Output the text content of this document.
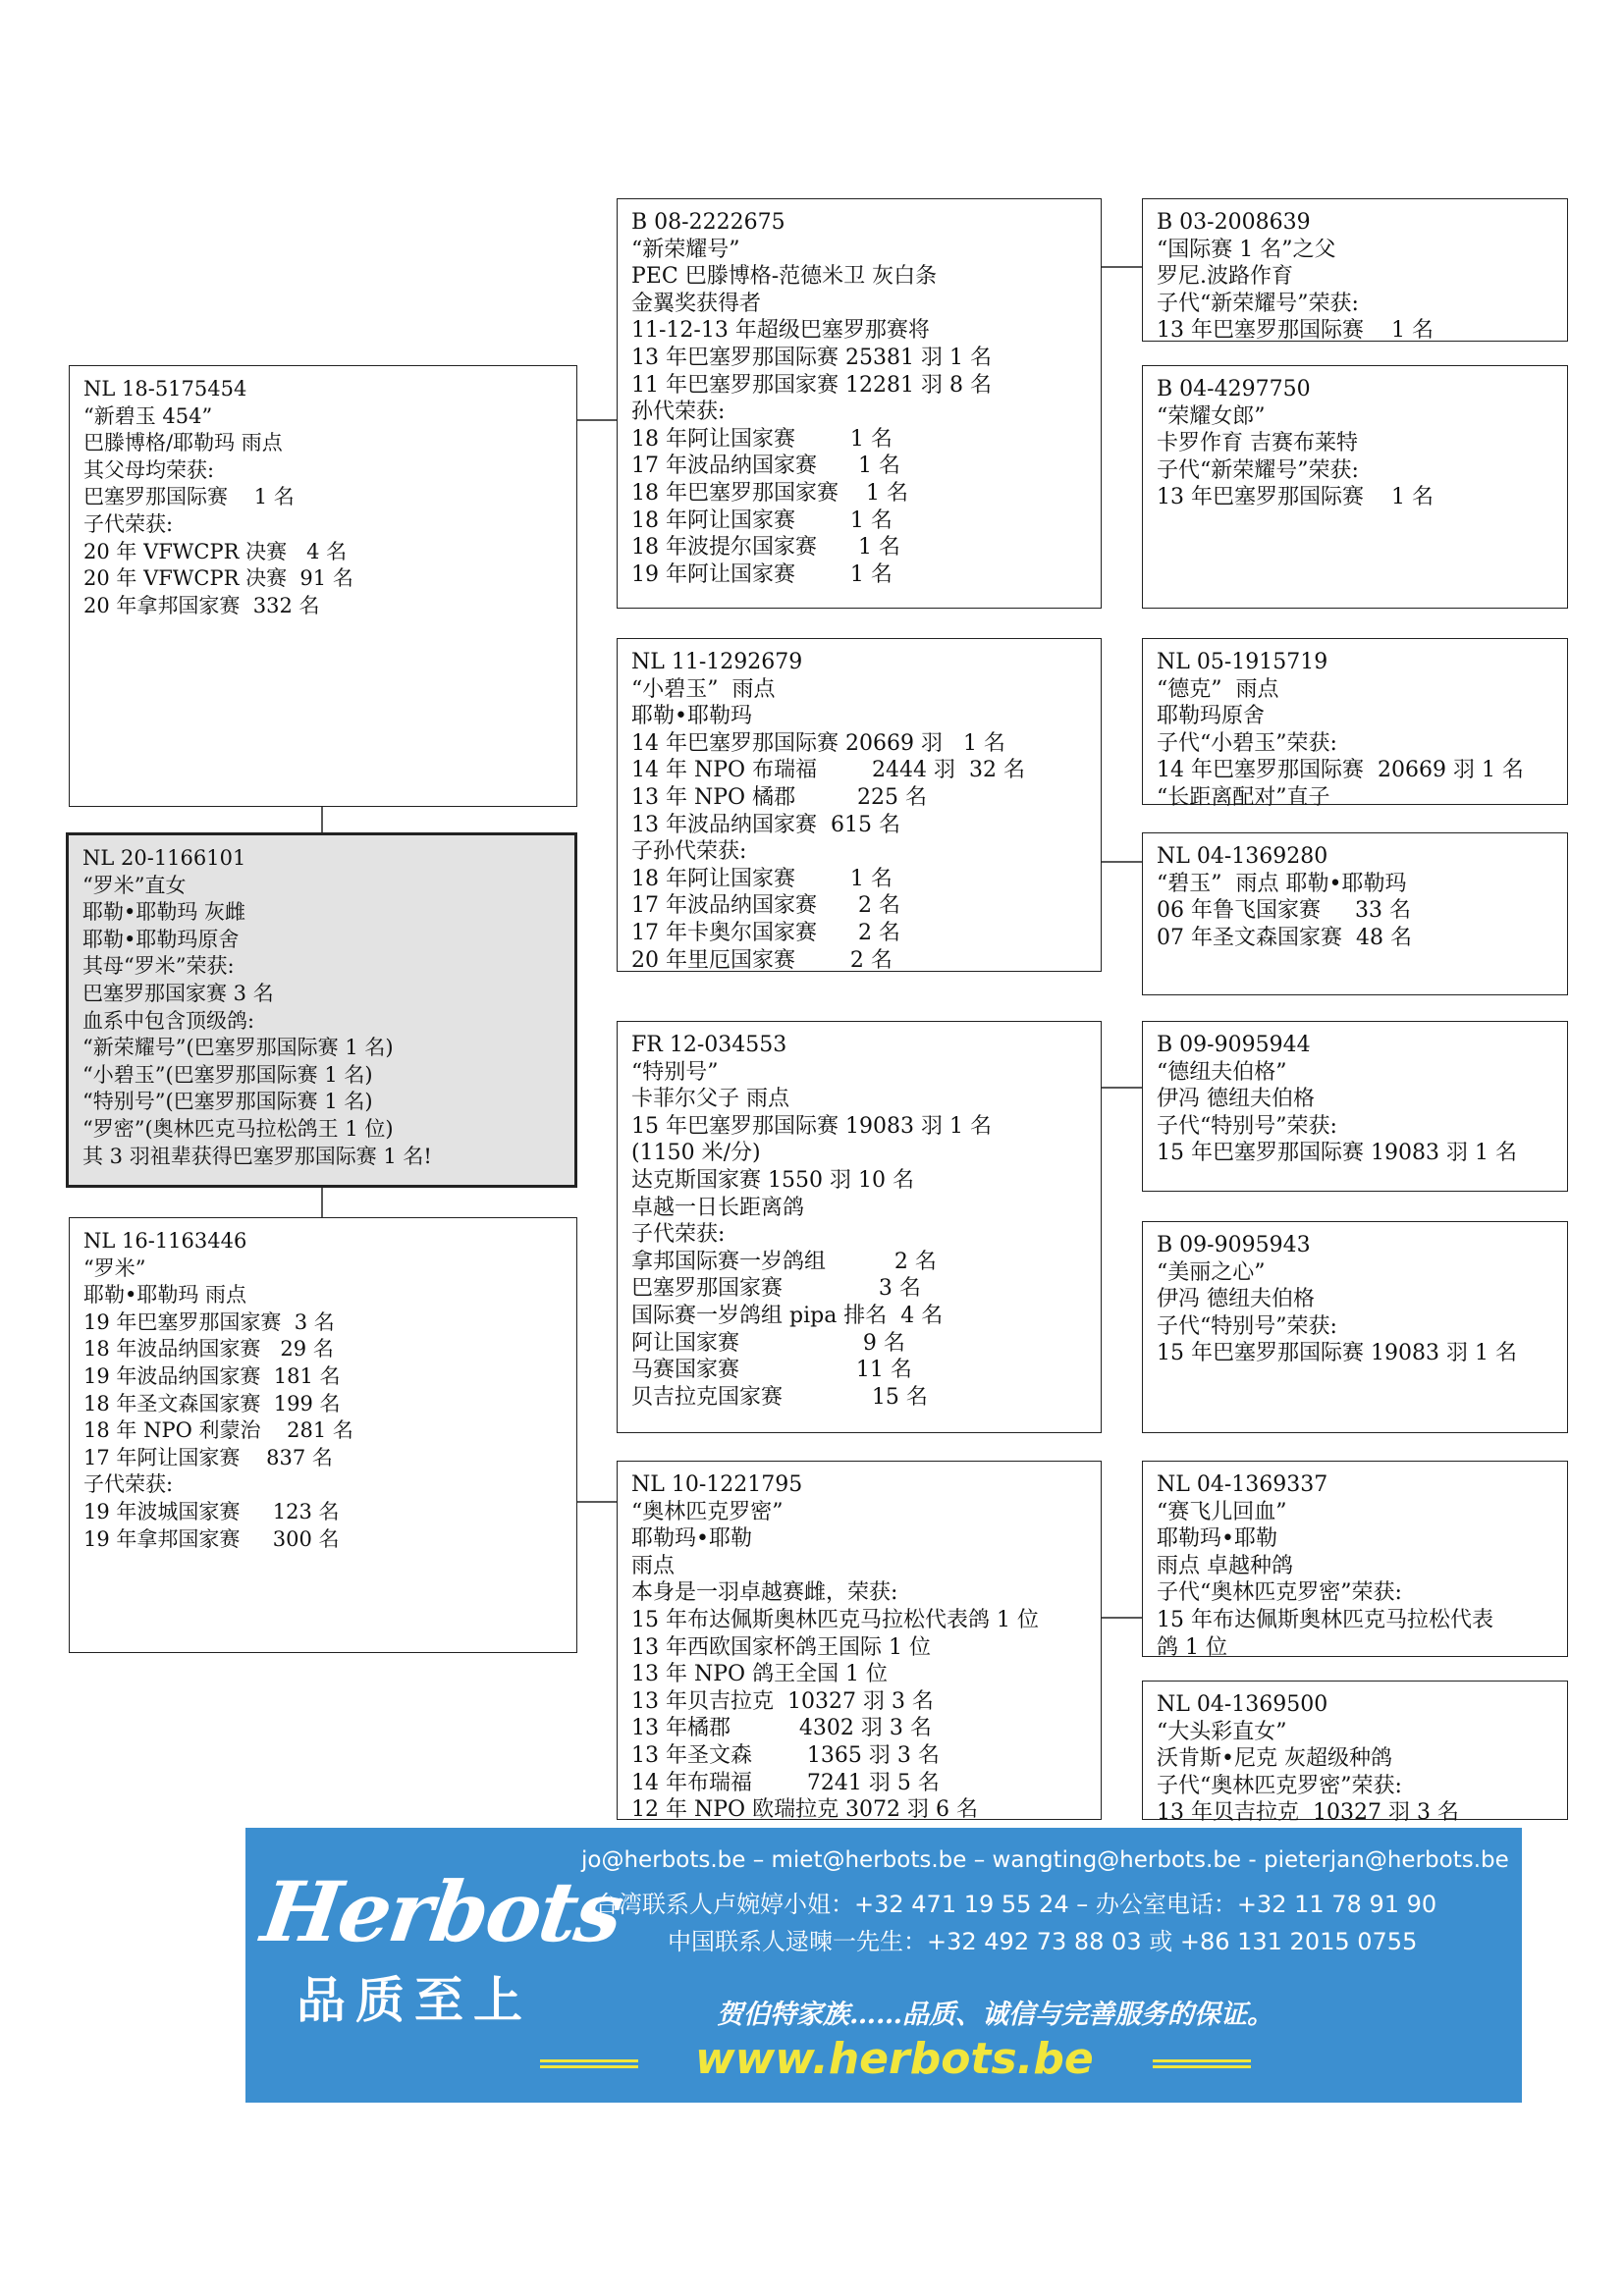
NL 18-5175454
“新碧玉 454”
巴滕博格/耶勒玛 雨点
其父母均荣获:
巴塞罗那国际赛    1 名
子代荣获:
20 年 VFWCPR 决赛   4 名
20 年 VFWCPR 决赛  91 名
20 年拿邦国家赛  332 名
NL 20-1166101
“罗米”直女
耶勒•耶勒玛 灰雌
耶勒•耶勒玛原舍
其母“罗米”荣获:
巴塞罗那国家赛 3 名
血系中包含顶级鸽:
“新荣耀号”(巴塞罗那国际赛 1 名)
“小碧玉”(巴塞罗那国际赛 1 名)
“特别号”(巴塞罗那国际赛 1 名)
“罗密”(奥林匹克马拉松鸽王 1 位)
其 3 羽祖辈获得巴塞罗那国际赛 1 名!
NL 16-1163446
“罗米”
耶勒•耶勒玛 雨点
19 年巴塞罗那国家赛  3 名
18 年波品纳国家赛   29 名
19 年波品纳国家赛  181 名
18 年圣文森国家赛  199 名
18 年 NPO 利蒙治    281 名
17 年阿让国家赛    837 名
子代荣获:
19 年波城国家赛     123 名
19 年拿邦国家赛     300 名
B 08-2222675
“新荣耀号”
PEC 巴滕博格-范德米卫 灰白条
金翼奖获得者
11-12-13 年超级巴塞罗那赛将
13 年巴塞罗那国际赛 25381 羽 1 名
11 年巴塞罗那国家赛 12281 羽 8 名
孙代荣获:
18 年阿让国家赛        1 名
17 年波品纳国家赛      1 名
18 年巴塞罗那国家赛    1 名
18 年阿让国家赛        1 名
18 年波提尔国家赛      1 名
19 年阿让国家赛        1 名
NL 11-1292679
“小碧玉”  雨点
耶勒•耶勒玛
14 年巴塞罗那国际赛 20669 羽   1 名
14 年 NPO 布瑞福        2444 羽  32 名
13 年 NPO 橘郡         225 名
13 年波品纳国家赛  615 名
子孙代荣获:
18 年阿让国家赛        1 名
17 年波品纳国家赛      2 名
17 年卡奥尔国家赛      2 名
20 年里厄国家赛        2 名
FR 12-034553
“特别号”
卡菲尔父子 雨点
15 年巴塞罗那国际赛 19083 羽 1 名
(1150 米/分)
达克斯国家赛 1550 羽 10 名
卓越一日长距离鸽
子代荣获:
拿邦国际赛一岁鸽组          2 名
巴塞罗那国家赛              3 名
国际赛一岁鸽组 pipa 排名  4 名
阿让国家赛                  9 名
马赛国家赛                 11 名
贝吉拉克国家赛             15 名
NL 10-1221795
“奥林匹克罗密”
耶勒玛•耶勒
雨点
本身是一羽卓越赛雌，荣获:
15 年布达佩斯奥林匹克马拉松代表鸽 1 位
13 年西欧国家杯鸽王国际 1 位
13 年 NPO 鸽王全国 1 位
13 年贝吉拉克  10327 羽 3 名
13 年橘郡          4302 羽 3 名
13 年圣文森        1365 羽 3 名
14 年布瑞福        7241 羽 5 名
12 年 NPO 欧瑞拉克 3072 羽 6 名
B 03-2008639
“国际赛 1 名”之父
罗尼.波路作育
子代“新荣耀号”荣获:
13 年巴塞罗那国际赛    1 名
B 04-4297750
“荣耀女郎”
卡罗作育 吉赛布莱特
子代“新荣耀号”荣获:
13 年巴塞罗那国际赛    1 名
NL 05-1915719
“德克”  雨点
耶勒玛原舍
子代“小碧玉”荣获:
14 年巴塞罗那国际赛  20669 羽 1 名
“长距离配对”直子
NL 04-1369280
“碧玉”  雨点 耶勒•耶勒玛
06 年鲁飞国家赛     33 名
07 年圣文森国家赛  48 名
B 09-9095944
“德纽夫伯格”
伊冯 德纽夫伯格
子代“特别号”荣获:
15 年巴塞罗那国际赛 19083 羽 1 名
B 09-9095943
“美丽之心”
伊冯 德纽夫伯格
子代“特别号”荣获:
15 年巴塞罗那国际赛 19083 羽 1 名
NL 04-1369337
“赛飞儿回血”
耶勒玛•耶勒
雨点 卓越种鸽
子代“奥林匹克罗密”荣获:
15 年布达佩斯奥林匹克马拉松代表
鸽 1 位
NL 04-1369500
“大头彩直女”
沃肯斯•尼克 灰超级种鸽
子代“奥林匹克罗密”荣获:
13 年贝吉拉克  10327 羽 3 名
Herbots
品质至上
jo@herbots.be – miet@herbots.be – wangting@herbots.be - pieterjan@herbots.be
台湾联系人卢婉婷小姐：+32 471 19 55 24 – 办公室电话：+32 11 78 91 90
中国联系人逯暕一先生：+32 492 73 88 03 或 +86 131 2015 0755
贺伯特家族……品质、诚信与完善服务的保证。
www.herbots.be
